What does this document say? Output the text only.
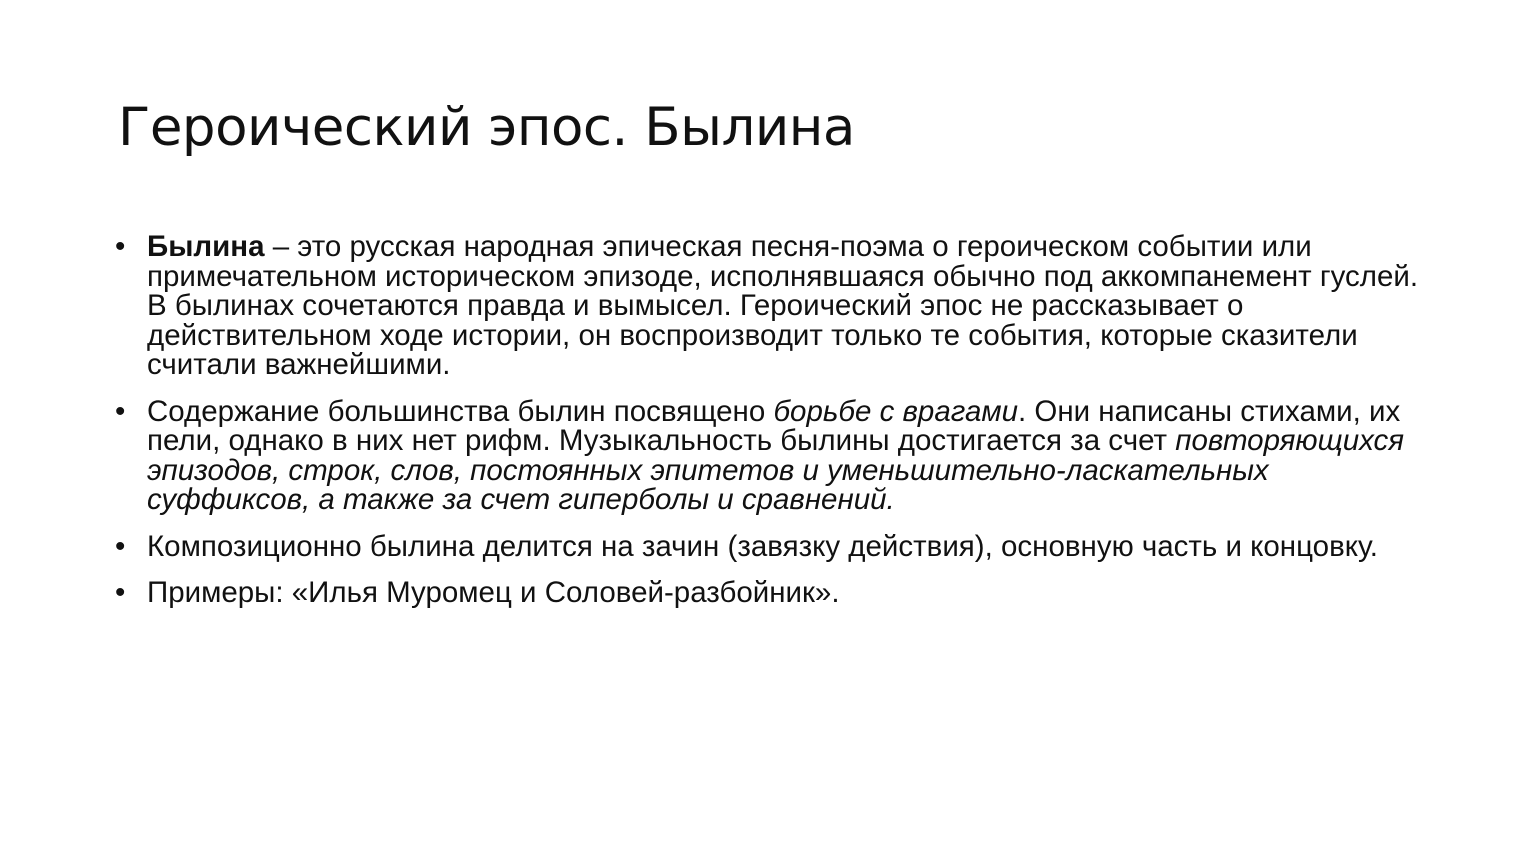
Героический эпос. Былина
• Былина – это русская народная эпическая песня-поэма о героическом событии или примечательном историческом эпизоде, исполнявшаяся обычно под аккомпанемент гуслей. В былинах сочетаются правда и вымысел. Героический эпос не рассказывает о действительном ходе истории, он воспроизводит только те события, которые сказители считали важнейшими.
• Содержание большинства былин посвящено борьбе с врагами. Они написаны стихами, их пели, однако в них нет рифм. Музыкальность былины достигается за счет повторяющихся эпизодов, строк, слов, постоянных эпитетов и уменьшительно-ласкательных суффиксов, а также за счет гиперболы и сравнений.
• Композиционно былина делится на зачин (завязку действия), основную часть и концовку.
• Примеры: «Илья Муромец и Соловей-разбойник».
